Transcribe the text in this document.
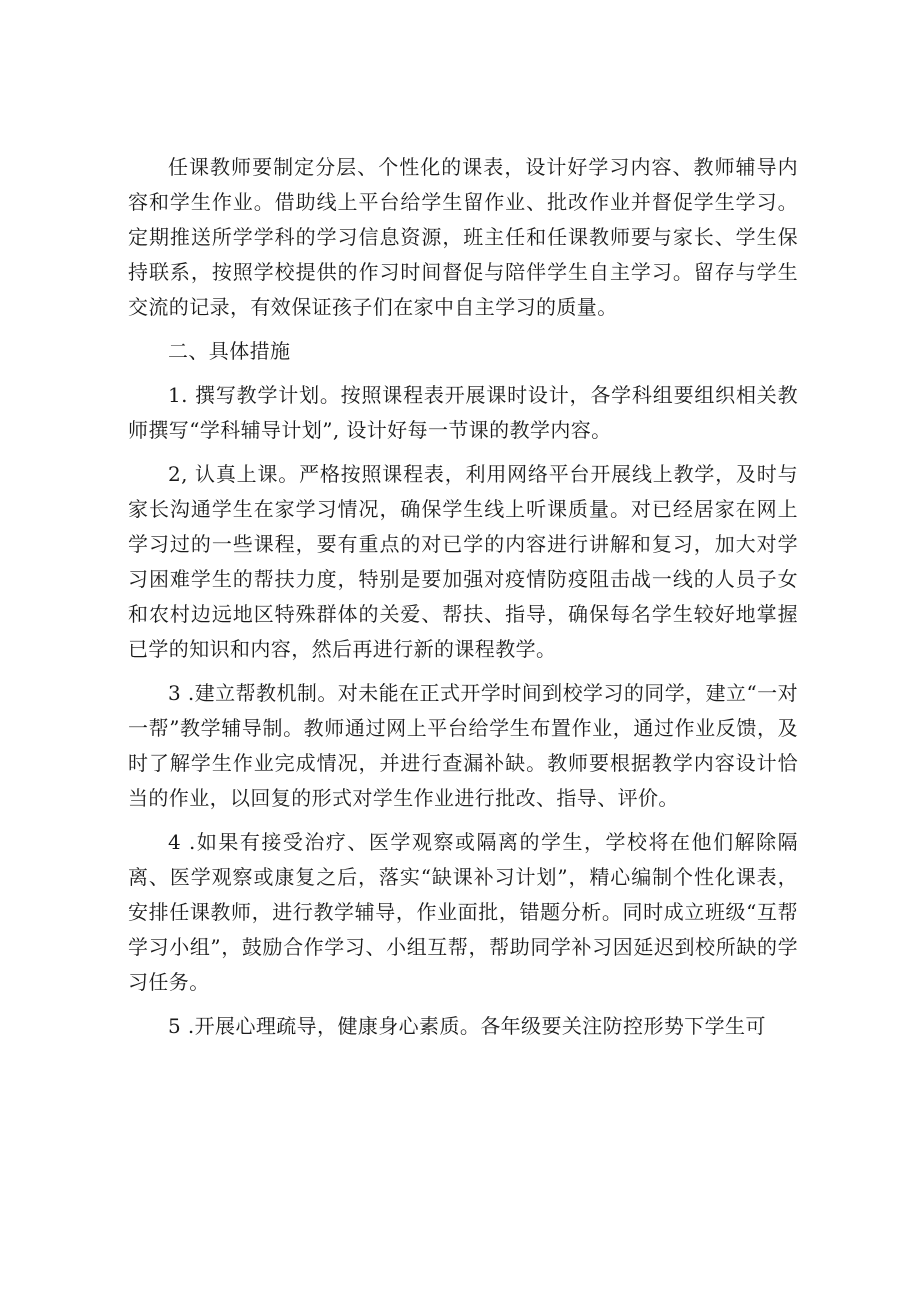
任课教师要制定分层、个性化的课表，设计好学习内容、教师辅导内容和学生作业。借助线上平台给学生留作业、批改作业并督促学生学习。定期推送所学学科的学习信息资源，班主任和任课教师要与家长、学生保持联系，按照学校提供的作习时间督促与陪伴学生自主学习。留存与学生交流的记录，有效保证孩子们在家中自主学习的质量。

二、具体措施

1. 撰写教学计划。按照课程表开展课时设计，各学科组要组织相关教师撰写“学科辅导计划”, 设计好每一节课的教学内容。

2, 认真上课。严格按照课程表，利用网络平台开展线上教学，及时与家长沟通学生在家学习情况，确保学生线上听课质量。对已经居家在网上学习过的一些课程，要有重点的对已学的内容进行讲解和复习，加大对学习困难学生的帮扶力度，特别是要加强对疫情防疫阻击战一线的人员子女和农村边远地区特殊群体的关爱、帮扶、指导，确保每名学生较好地掌握已学的知识和内容，然后再进行新的课程教学。

3 .建立帮教机制。对未能在正式开学时间到校学习的同学，建立“一对一帮”教学辅导制。教师通过网上平台给学生布置作业，通过作业反馈，及时了解学生作业完成情况，并进行查漏补缺。教师要根据教学内容设计恰当的作业，以回复的形式对学生作业进行批改、指导、评价。

4 .如果有接受治疗、医学观察或隔离的学生，学校将在他们解除隔离、医学观察或康复之后，落实“缺课补习计划”，精心编制个性化课表，安排任课教师，进行教学辅导，作业面批，错题分析。同时成立班级“互帮学习小组”，鼓励合作学习、小组互帮，帮助同学补习因延迟到校所缺的学习任务。

5 .开展心理疏导，健康身心素质。各年级要关注防控形势下学生可
